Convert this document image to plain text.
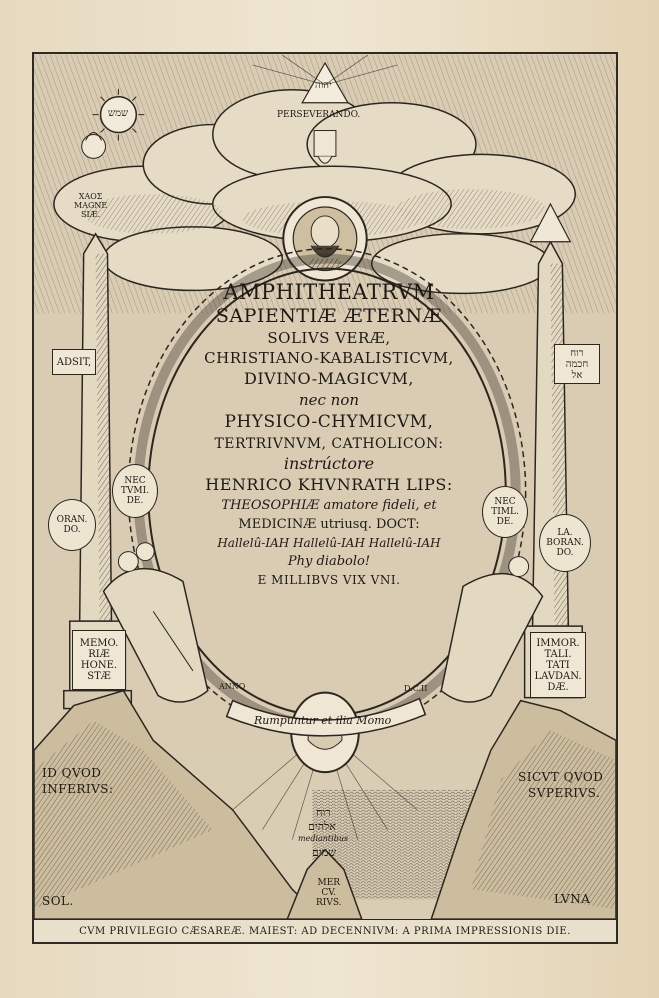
PERSEVERANDO.
שמש
יהוה
ΧΑΟΣ
MAGNE
SIÆ.
ADSIT,
NEC
TVMI.
DE.
ORAN.
DO.
MEMO.
RIÆ
HONE.
STÆ
רוח
חכמה
אל
NEC
TIML.
DE.
LA.
BORAN.
DO.
IMMOR.
TALI.
TATI
LAVDAN.
DÆ.
AMPHITHEATRVM
SAPIENTIÆ ÆTERNÆ
SOLIVS VERÆ,
CHRISTIANO-KABALISTICVM,
DIVINO-MAGICVM,
nec non
PHYSICO-CHYMICVM,
TERTRIVNVM, CATHOLICON:
instrúctore
HENRICO KHVNRATH LIPS:
THEOSOPHIÆ amatore fideli, et
MEDICINÆ utriusq. DOCT:
Hallelû-IAH Hallelû-IAH Hallelû-IAH
Phy diabolo!
E MILLIBVS VIX VNI.
ANNO
Rumpuntur et ilia Momo
D.C.II
ID QVOD
INFERIVS:
SICVT QVOD
SVPERIVS.
רוח
אלהים
mediantibus
שמים
SOL.	LVNA
MER
CV.
RIVS.
CVM PRIVILEGIO CÆSAREÆ. MAIEST: AD DECENNIVM: A PRIMA IMPRESSIONIS DIE.
